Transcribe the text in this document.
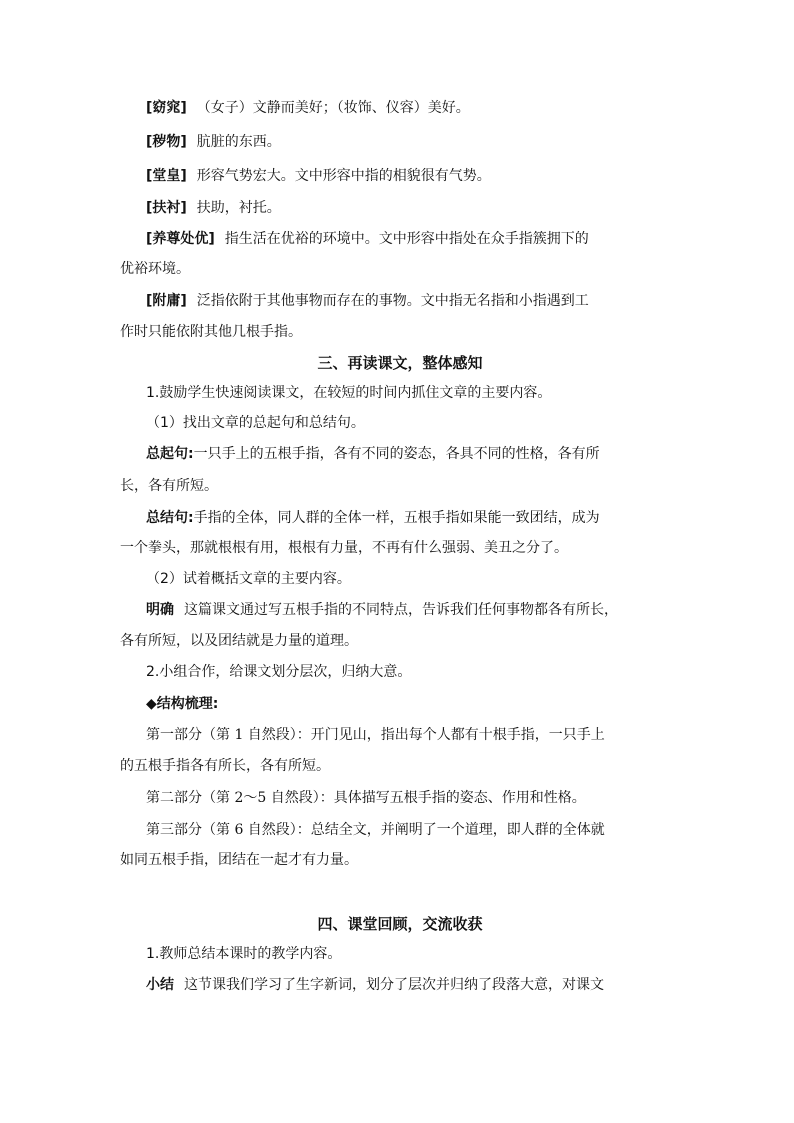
[窈窕] （女子）文静而美好；（妆饰、仪容）美好。
[秽物] 肮脏的东西。
[堂皇] 形容气势宏大。文中形容中指的相貌很有气势。
[扶衬] 扶助，衬托。
[养尊处优] 指生活在优裕的环境中。文中形容中指处在众手指簇拥下的
优裕环境。
[附庸] 泛指依附于其他事物而存在的事物。文中指无名指和小指遇到工
作时只能依附其他几根手指。
三、再读课文，整体感知
1.鼓励学生快速阅读课文，在较短的时间内抓住文章的主要内容。
（1）找出文章的总起句和总结句。
总起句:一只手上的五根手指，各有不同的姿态，各具不同的性格，各有所
长，各有所短。
总结句:手指的全体，同人群的全体一样，五根手指如果能一致团结，成为
一个拳头，那就根根有用，根根有力量，不再有什么强弱、美丑之分了。
（2）试着概括文章的主要内容。
明确 这篇课文通过写五根手指的不同特点，告诉我们任何事物都各有所长，
各有所短，以及团结就是力量的道理。
2.小组合作，给课文划分层次，归纳大意。
◆结构梳理:
第一部分（第 1 自然段）：开门见山，指出每个人都有十根手指，一只手上
的五根手指各有所长，各有所短。
第二部分（第 2～5 自然段）：具体描写五根手指的姿态、作用和性格。
第三部分（第 6 自然段）：总结全文，并阐明了一个道理，即人群的全体就
如同五根手指，团结在一起才有力量。
四、课堂回顾，交流收获
1.教师总结本课时的教学内容。
小结 这节课我们学习了生字新词，划分了层次并归纳了段落大意，对课文
